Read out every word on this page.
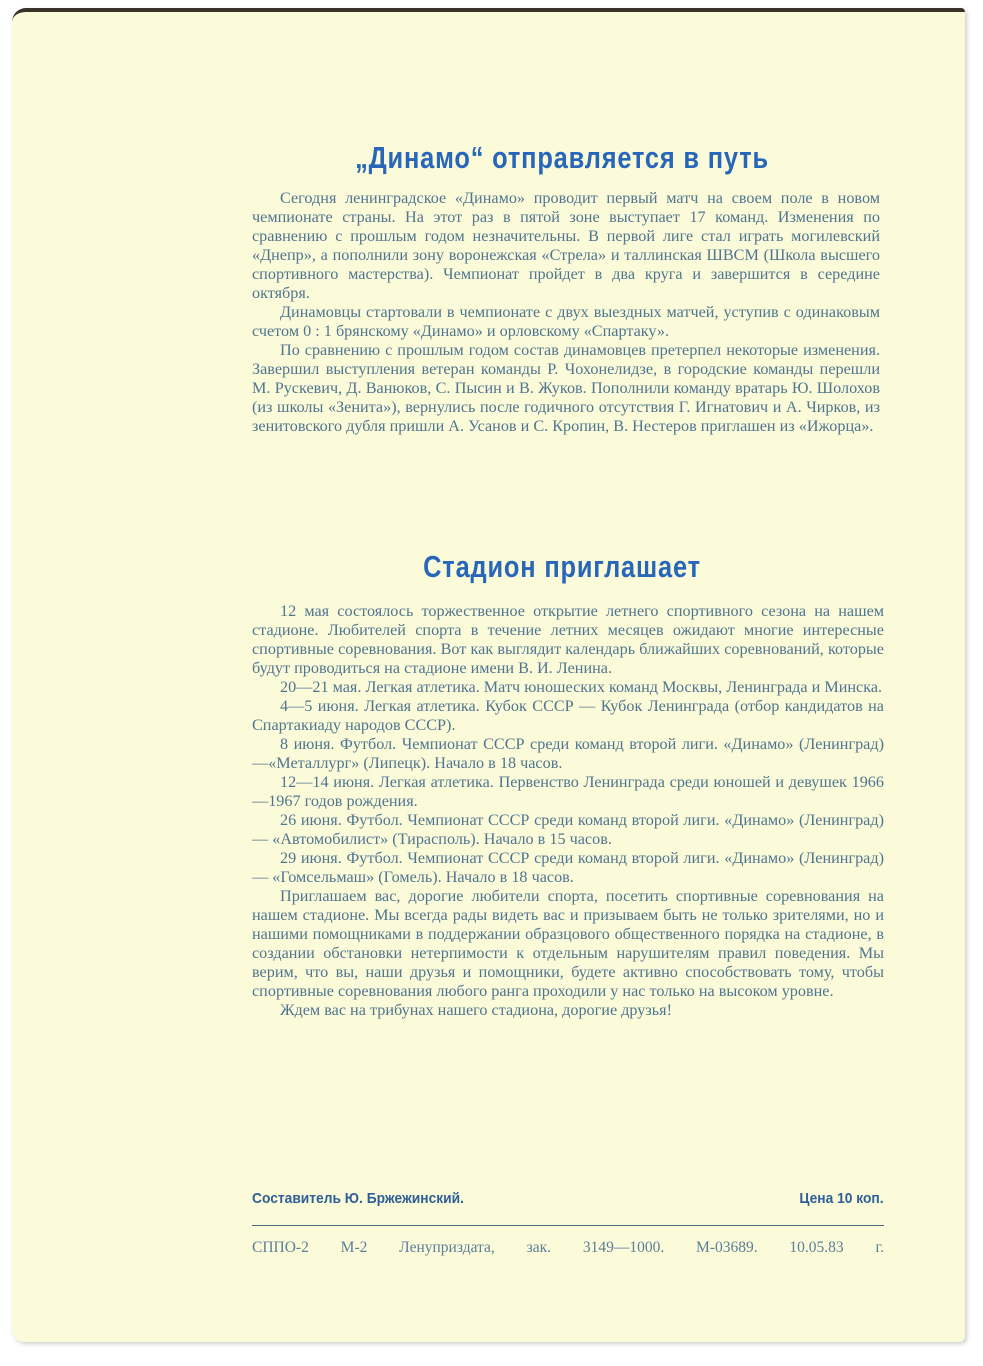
„Динамо“ отправляется в путь

Сегодня ленинградское «Динамо» проводит первый матч на своем поле в новом чемпионате страны. На этот раз в пятой зоне выступает 17 команд. Изменения по сравнению с прошлым годом незначительны. В первой лиге стал играть могилевский «Днепр», а пополнили зону воронежская «Стрела» и таллинская ШВСМ (Школа высшего спортивного мастерства). Чемпионат пройдет в два круга и завершится в середине октября.

Динамовцы стартовали в чемпионате с двух выездных матчей, уступив с одинаковым счетом 0 : 1 брянскому «Динамо» и орловскому «Спартаку».

По сравнению с прошлым годом состав динамовцев претерпел некоторые изменения. Завершил выступления ветеран команды Р. Чохонелидзе, в городские команды перешли М. Рускевич, Д. Ванюков, С. Пысин и В. Жуков. Пополнили команду вратарь Ю. Шолохов (из школы «Зенита»), вернулись после годичного отсутствия Г. Игнатович и А. Чирков, из зенитовского дубля пришли А. Усанов и С. Кропин, В. Нестеров приглашен из «Ижорца».

Стадион приглашает

12 мая состоялось торжественное открытие летнего спортивного сезона на нашем стадионе. Любителей спорта в течение летних месяцев ожидают многие интересные спортивные соревнования. Вот как выглядит календарь ближайших соревнований, которые будут проводиться на стадионе имени В. И. Ленина.

20—21 мая. Легкая атлетика. Матч юношеских команд Москвы, Ленинграда и Минска.

4—5 июня. Легкая атлетика. Кубок СССР — Кубок Ленинграда (отбор кандидатов на Спартакиаду народов СССР).

8 июня. Футбол. Чемпионат СССР среди команд второй лиги. «Динамо» (Ленинград)—«Металлург» (Липецк). Начало в 18 часов.

12—14 июня. Легкая атлетика. Первенство Ленинграда среди юношей и девушек 1966—1967 годов рождения.

26 июня. Футбол. Чемпионат СССР среди команд второй лиги. «Динамо» (Ленинград) — «Автомобилист» (Тирасполь). Начало в 15 часов.

29 июня. Футбол. Чемпионат СССР среди команд второй лиги. «Динамо» (Ленинград) — «Гомсельмаш» (Гомель). Начало в 18 часов.

Приглашаем вас, дорогие любители спорта, посетить спортивные соревнования на нашем стадионе. Мы всегда рады видеть вас и призываем быть не только зрителями, но и нашими помощниками в поддержании образцового общественного порядка на стадионе, в создании обстановки нетерпимости к отдельным нарушителям правил поведения. Мы верим, что вы, наши друзья и помощники, будете активно способствовать тому, чтобы спортивные соревнования любого ранга проходили у нас только на высоком уровне.

Ждем вас на трибунах нашего стадиона, дорогие друзья!

Составитель Ю. Бржежинский.	Цена 10 коп.
СППО-2 М-2 Ленуприздата, зак. 3149—1000. М-03689. 10.05.83 г.
